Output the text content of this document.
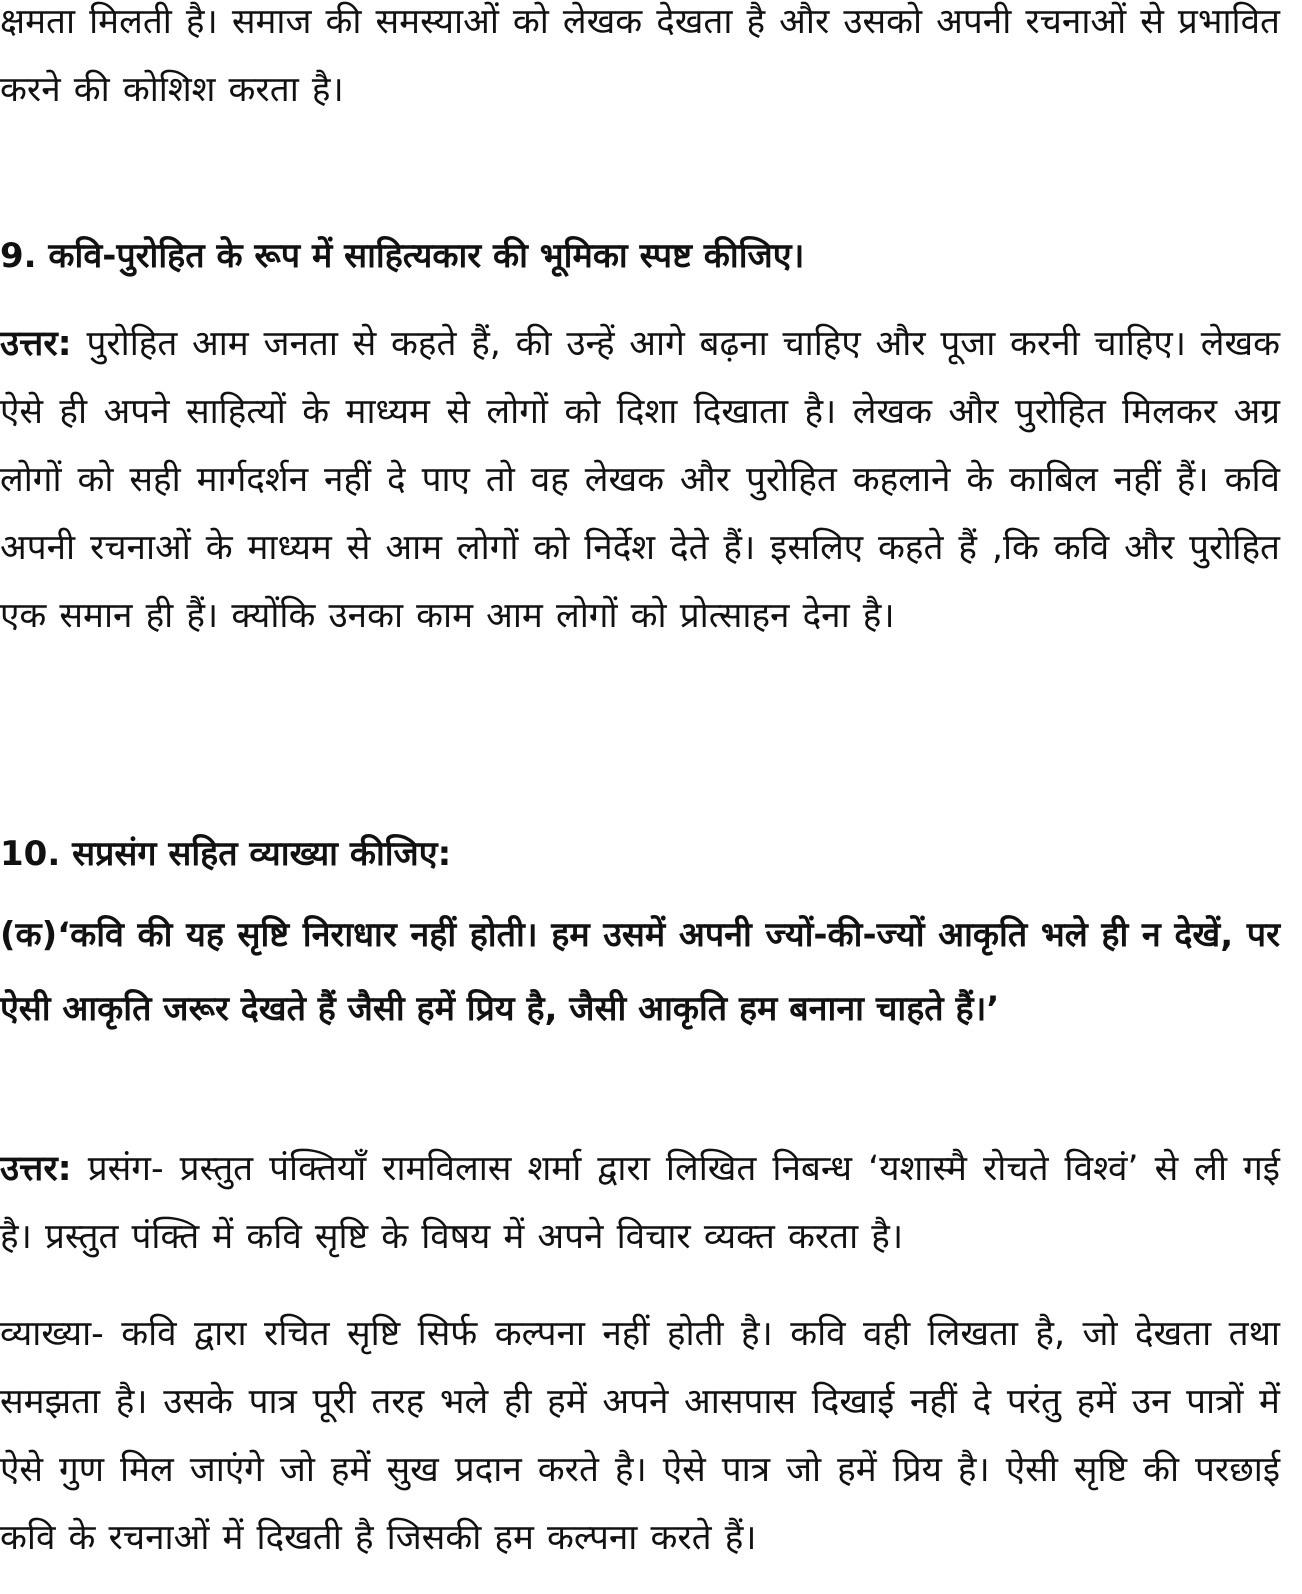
क्षमता मिलती है। समाज की समस्याओं को लेखक देखता है और उसको अपनी रचनाओं से प्रभावित करने की कोशिश करता है।

9. कवि-पुरोहित के रूप में साहित्यकार की भूमिका स्पष्ट कीजिए।

उत्तर: पुरोहित आम जनता से कहते हैं, की उन्हें आगे बढ़ना चाहिए और पूजा करनी चाहिए। लेखक ऐसे ही अपने साहित्यों के माध्यम से लोगों को दिशा दिखाता है। लेखक और पुरोहित मिलकर अग्र लोगों को सही मार्गदर्शन नहीं दे पाए तो वह लेखक और पुरोहित कहलाने के काबिल नहीं हैं। कवि अपनी रचनाओं के माध्यम से आम लोगों को निर्देश देते हैं। इसलिए कहते हैं ,कि कवि और पुरोहित एक समान ही हैं। क्योंकि उनका काम आम लोगों को प्रोत्साहन देना है।

10. सप्रसंग सहित व्याख्या कीजिए:

(क)‘कवि की यह सृष्टि निराधार नहीं होती। हम उसमें अपनी ज्यों-की-ज्यों आकृति भले ही न देखें, पर ऐसी आकृति जरूर देखते हैं जैसी हमें प्रिय है, जैसी आकृति हम बनाना चाहते हैं।’

उत्तर: प्रसंग- प्रस्तुत पंक्तियाँ रामविलास शर्मा द्वारा लिखित निबन्ध ‘यशास्मै रोचते विश्वं’ से ली गई है। प्रस्तुत पंक्ति में कवि सृष्टि के विषय में अपने विचार व्यक्त करता है।

व्याख्या- कवि द्वारा रचित सृष्टि सिर्फ कल्पना नहीं होती है। कवि वही लिखता है, जो देखता तथा समझता है। उसके पात्र पूरी तरह भले ही हमें अपने आसपास दिखाई नहीं दे परंतु हमें उन पात्रों में ऐसे गुण मिल जाएंगे जो हमें सुख प्रदान करते है। ऐसे पात्र जो हमें प्रिय है। ऐसी सृष्टि की परछाई कवि के रचनाओं में दिखती है जिसकी हम कल्पना करते हैं।
